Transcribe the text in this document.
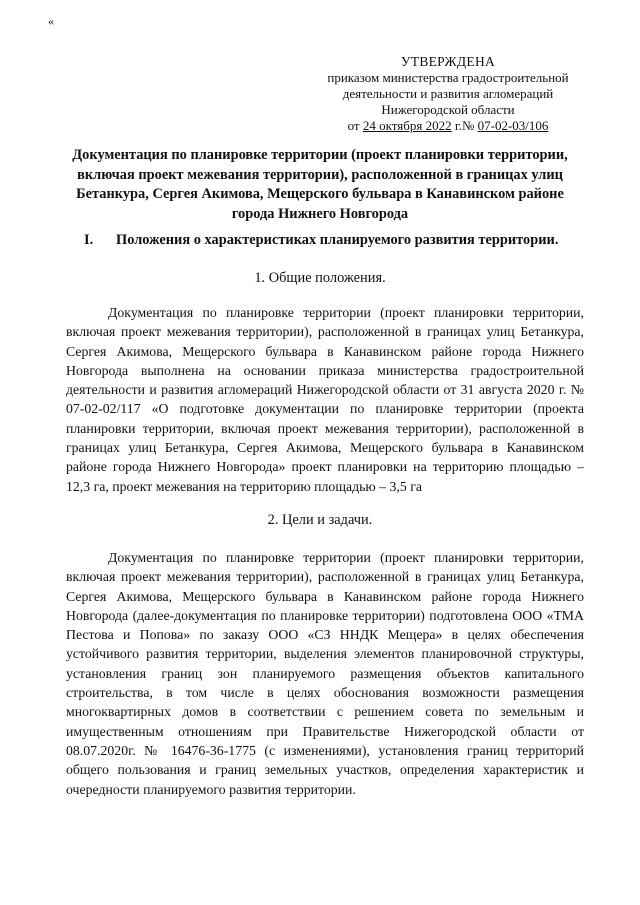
«
УТВЕРЖДЕНА
приказом министерства градостроительной
деятельности и развития агломераций
Нижегородской области
от 24 октября 2022 г.№ 07-02-03/106
Документация по планировке территории (проект планировки территории, включая проект межевания территории), расположенной в границах улиц Бетанкура, Сергея Акимова, Мещерского бульвара в Канавинском районе города Нижнего Новгорода
I. Положения о характеристиках планируемого развития территории.
1. Общие положения.

Документация по планировке территории (проект планировки территории, включая проект межевания территории), расположенной в границах улиц Бетанкура, Сергея Акимова, Мещерского бульвара в Канавинском районе города Нижнего Новгорода выполнена на основании приказа министерства градостроительной деятельности и развития агломераций Нижегородской области от 31 августа 2020 г. № 07-02-02/117 «О подготовке документации по планировке территории (проекта планировки территории, включая проект межевания территории), расположенной в границах улиц Бетанкура, Сергея Акимова, Мещерского бульвара в Канавинском районе города Нижнего Новгорода» проект планировки на территорию площадью – 12,3 га, проект межевания на территорию площадью – 3,5 га

2. Цели и задачи.

Документация по планировке территории (проект планировки территории, включая проект межевания территории), расположенной в границах улиц Бетанкура, Сергея Акимова, Мещерского бульвара в Канавинском районе города Нижнего Новгорода (далее-документация по планировке территории) подготовлена ООО «ТМА Пестова и Попова» по заказу ООО «СЗ ННДК Мещера» в целях обеспечения устойчивого развития территории, выделения элементов планировочной структуры, установления границ зон планируемого размещения объектов капитального строительства, в том числе в целях обоснования возможности размещения многоквартирных домов в соответствии с решением совета по земельным и имущественным отношениям при Правительстве Нижегородской области от 08.07.2020г. № 16476-36-1775 (с изменениями), установления границ территорий общего пользования и границ земельных участков, определения характеристик и очередности планируемого развития территории.
